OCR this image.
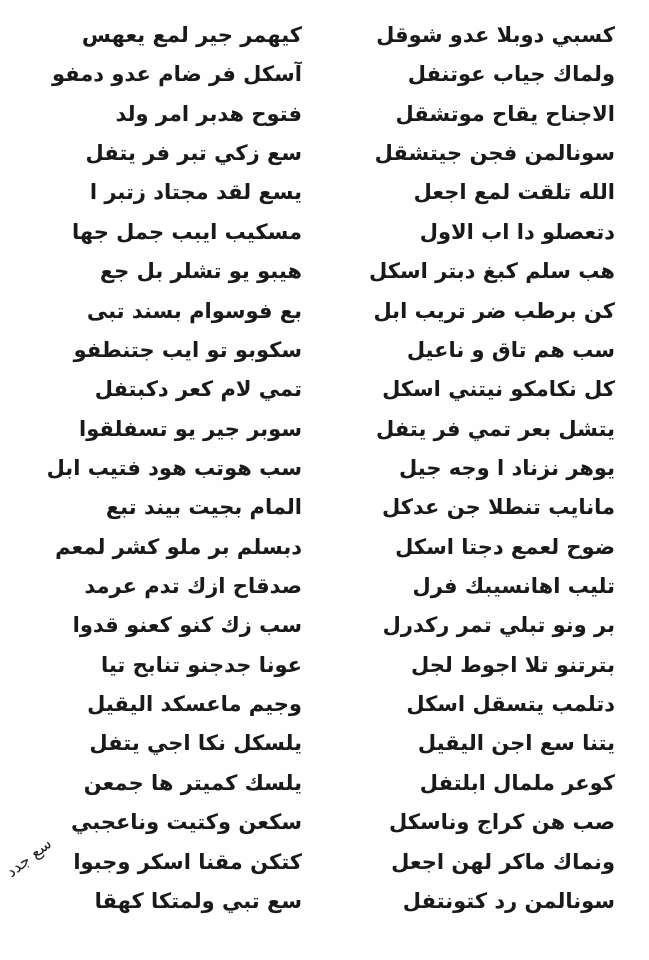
كيهمر جير لمع يعهس	كسبي دوبلا عدو شوقل
آسكل فر ضام عدو دمفو	ولماك جياب عوتنفل
فتوح هدبر امر ولد	الاجناح يقاح موتشقل
سع زكي تبر فر يتفل	سونالمن فجن جيتشقل
يسع لقد مجتاد زتبر ا	الله تلقت لمع اجعل
مسكيب ايبب جمل جها	دتعصلو دا اب الاول
هيبو يو تشلر بل جع	هب سلم كبغ دبتر اسكل
بع فوسوام بسند تبى	كن برطب ضر تريب ابل
سكوبو تو ايب جتنطفو	سب هم تاق و ناعيل
تمي لام كعر دكبتفل	كل نكامكو نيتني اسكل
سوبر جير يو تسفلقوا	يتشل بعر تمي فر يتفل
سب هوتب هود فتيب ابل	يوهر نزناد ا وجه جيل
المام بجيت بيند تبع	مانايب تنطلا جن عدكل
دبسلم بر ملو كشر لمعم	ضوح لعمع دجتا اسكل
صدقاح ازك تدم عرمد	تليب اهانسيبك فرل
سب زك كنو كعنو قدوا	بر ونو تبلي تمر ركدرل
عونا جدجنو تنابح تيا	بترتنو تلا اجوط لجل
وجيم ماعسكد اليقيل	دتلمب يتسقل اسكل
يلسكل نكا اجي يتفل	يتنا سع اجن اليقيل
يلسك كميتر ها جمعن	كوعر ملمال ابلتفل
سكعن وكتيت وناعجبي	صب هن كراج وناسكل
كتكن مقنا اسكر وجبوا	ونماك ماكر لهن اجعل
سع تبي ولمتكا كهقا	سونالمن رد كتونتفل
سع جدد
